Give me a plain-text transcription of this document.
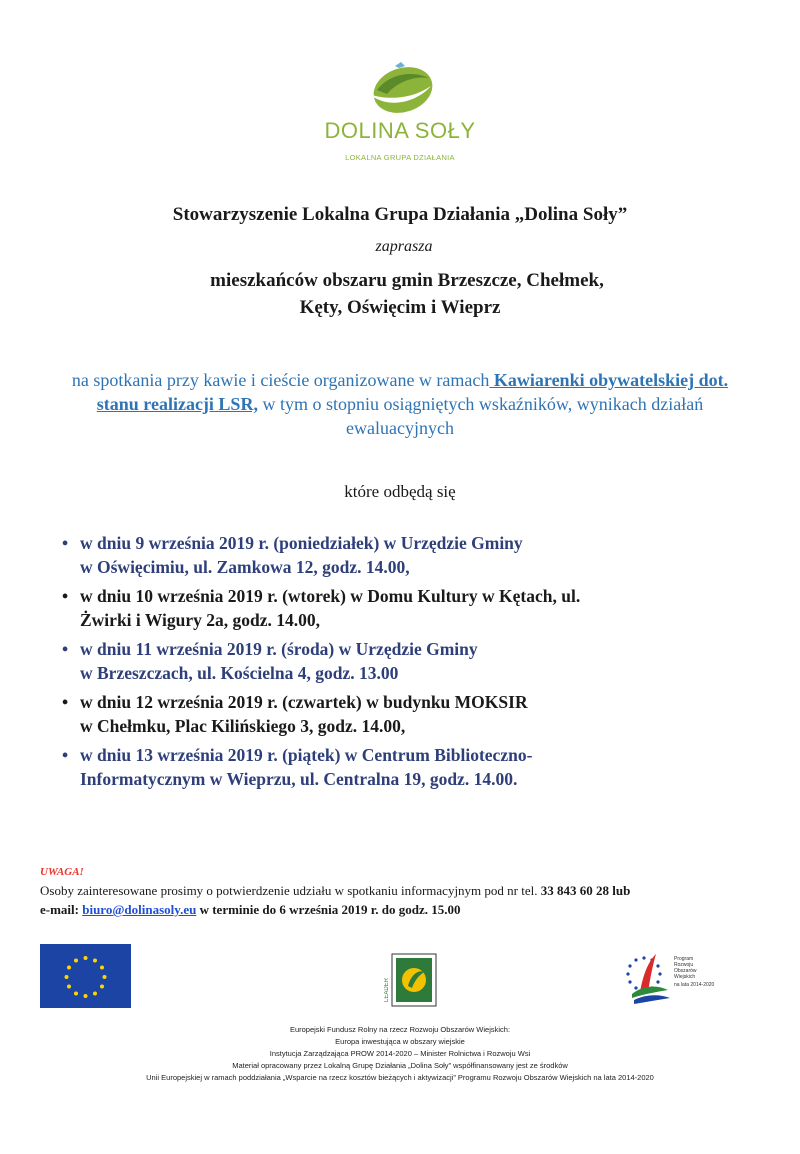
DOLINA SOŁY
LOKALNA GRUPA DZIAŁANIA
Stowarzyszenie Lokalna Grupa Działania „Dolina Soły”
zaprasza
mieszkańców obszaru gmin Brzeszcze, Chełmek,
Kęty, Oświęcim i Wieprz
na spotkania przy kawie i cieście organizowane w ramach Kawiarenki obywatelskiej dot. stanu realizacji LSR, w tym o stopniu osiągniętych wskaźników, wynikach działań ewaluacyjnych
które odbędą się
• w dniu 9 września 2019 r. (poniedziałek) w Urzędzie Gminy
w Oświęcimiu, ul. Zamkowa 12, godz. 14.00,
• w dniu 10 września 2019 r. (wtorek) w Domu Kultury w Kętach, ul.
Żwirki i Wigury 2a, godz. 14.00,
• w dniu 11 września 2019 r. (środa) w Urzędzie Gminy
w Brzeszczach, ul. Kościelna 4, godz. 13.00
• w dniu 12 września 2019 r. (czwartek) w budynku MOKSIR
w Chełmku, Plac Kilińskiego 3, godz. 14.00,
• w dniu 13 września 2019 r. (piątek) w Centrum Biblioteczno-
Informatycznym w Wieprzu, ul. Centralna 19, godz. 14.00.
UWAGA!
Osoby zainteresowane prosimy o potwierdzenie udziału w spotkaniu informacyjnym pod nr tel. 33 843 60 28 lub
e-mail: biuro@dolinasoly.eu w terminie do 6 września 2019 r. do godz. 15.00
LEADER
Program Rozwoju Obszarów Wiejskich
na lata 2014-2020
Europejski Fundusz Rolny na rzecz Rozwoju Obszarów Wiejskich:
Europa inwestująca w obszary wiejskie
Instytucja Zarządzająca PROW 2014-2020 – Minister Rolnictwa i Rozwoju Wsi
Materiał opracowany przez Lokalną Grupę Działania „Dolina Soły” współfinansowany jest ze środków
Unii Europejskiej w ramach poddziałania „Wsparcie na rzecz kosztów bieżących i aktywizacji” Programu Rozwoju Obszarów Wiejskich na lata 2014-2020
